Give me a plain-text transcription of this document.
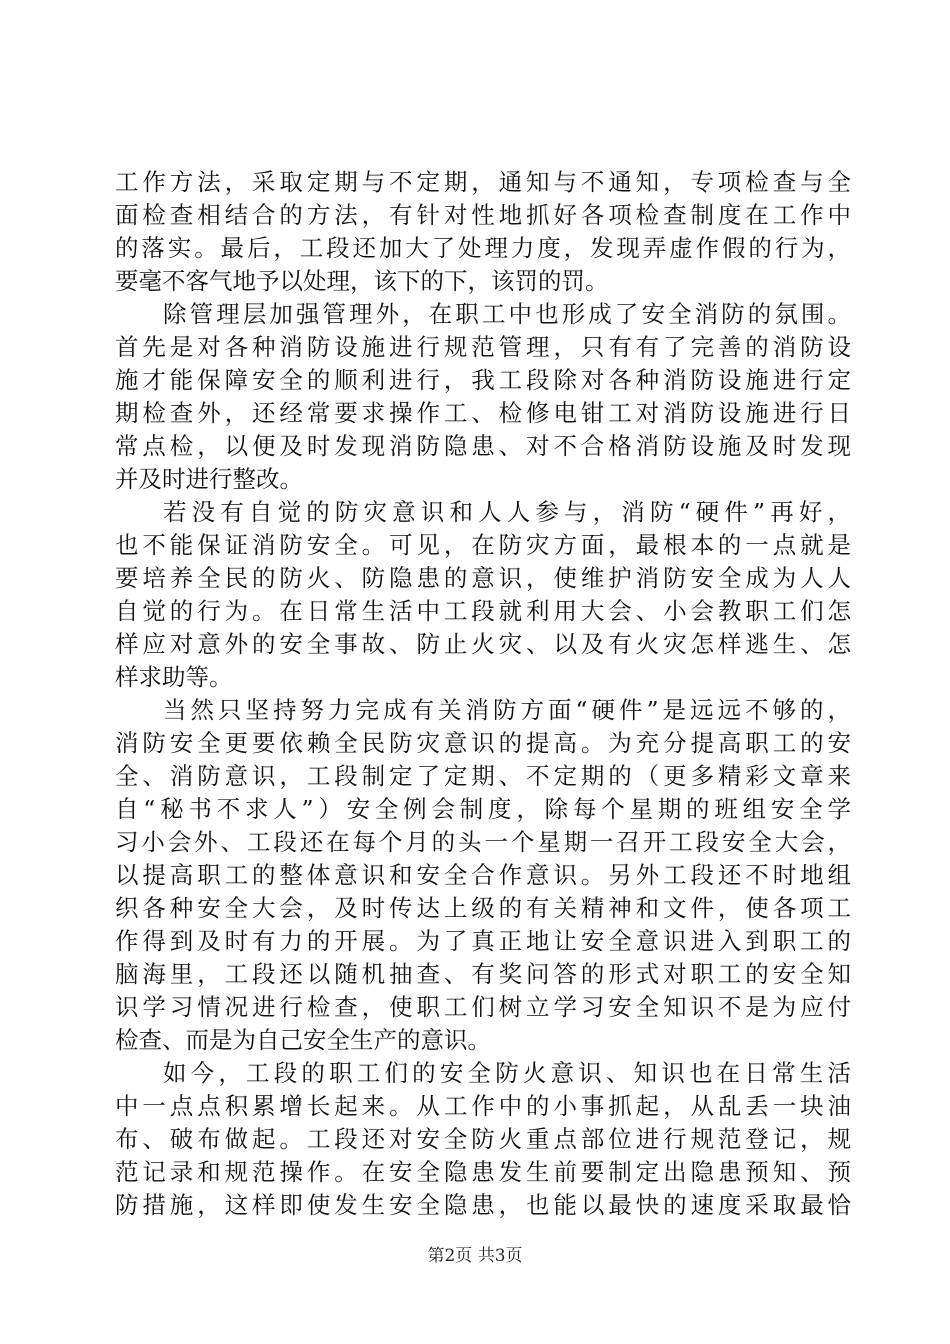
工作方法，采取定期与不定期，通知与不通知，专项检查与全
面检查相结合的方法，有针对性地抓好各项检查制度在工作中
的落实。最后，工段还加大了处理力度，发现弄虚作假的行为，
要毫不客气地予以处理，该下的下，该罚的罚。
除管理层加强管理外，在职工中也形成了安全消防的氛围。
首先是对各种消防设施进行规范管理，只有有了完善的消防设
施才能保障安全的顺利进行，我工段除对各种消防设施进行定
期检查外，还经常要求操作工、检修电钳工对消防设施进行日
常点检，以便及时发现消防隐患、对不合格消防设施及时发现
并及时进行整改。
若没有自觉的防灾意识和人人参与，消防“硬件”再好，
也不能保证消防安全。可见，在防灾方面，最根本的一点就是
要培养全民的防火、防隐患的意识，使维护消防安全成为人人
自觉的行为。在日常生活中工段就利用大会、小会教职工们怎
样应对意外的安全事故、防止火灾、以及有火灾怎样逃生、怎
样求助等。
当然只坚持努力完成有关消防方面“硬件”是远远不够的，
消防安全更要依赖全民防灾意识的提高。为充分提高职工的安
全、消防意识，工段制定了定期、不定期的（更多精彩文章来
自“秘书不求人”）安全例会制度，除每个星期的班组安全学
习小会外、工段还在每个月的头一个星期一召开工段安全大会，
以提高职工的整体意识和安全合作意识。另外工段还不时地组
织各种安全大会，及时传达上级的有关精神和文件，使各项工
作得到及时有力的开展。为了真正地让安全意识进入到职工的
脑海里，工段还以随机抽查、有奖问答的形式对职工的安全知
识学习情况进行检查，使职工们树立学习安全知识不是为应付
检查、而是为自己安全生产的意识。
如今，工段的职工们的安全防火意识、知识也在日常生活
中一点点积累增长起来。从工作中的小事抓起，从乱丢一块油
布、破布做起。工段还对安全防火重点部位进行规范登记，规
范记录和规范操作。在安全隐患发生前要制定出隐患预知、预
防措施，这样即使发生安全隐患，也能以最快的速度采取最恰
第2页 共3页
